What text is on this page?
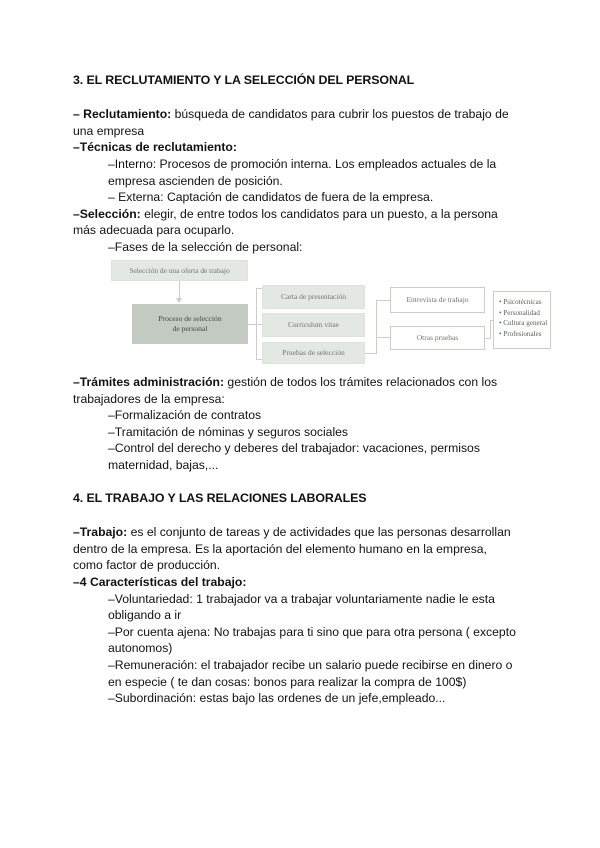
3. EL RECLUTAMIENTO Y LA SELECCIÓN DEL PERSONAL
– Reclutamiento: búsqueda de candidatos para cubrir los puestos de trabajo de
una empresa
–Técnicas de reclutamiento:
–Interno: Procesos de promoción interna. Los empleados actuales de la
empresa ascienden de posición.
– Externa: Captación de candidatos de fuera de la empresa.
–Selección: elegir, de entre todos los candidatos para un puesto, a la persona
más adecuada para ocuparlo.
–Fases de la selección de personal:
Selección de una oferta de trabajo
Proceso de selección
de personal
Carta de presentación
Curriculum vitae
Pruebas de selección
Entrevista de trabajo
Otras pruebas
• Psicotécnicas
• Personalidad
• Cultura general
• Profesionales
–Trámites administración: gestión de todos los trámites relacionados con los
trabajadores de la empresa:
–Formalización de contratos
–Tramitación de nóminas y seguros sociales
–Control del derecho y deberes del trabajador: vacaciones, permisos
maternidad, bajas,...
4. EL TRABAJO Y LAS RELACIONES LABORALES
–Trabajo: es el conjunto de tareas y de actividades que las personas desarrollan
dentro de la empresa. Es la aportación del elemento humano en la empresa,
como factor de producción.
–4 Características del trabajo:
–Voluntariedad: 1 trabajador va a trabajar voluntariamente nadie le esta
obligando a ir
–Por cuenta ajena: No trabajas para ti sino que para otra persona ( excepto
autonomos)
–Remuneración: el trabajador recibe un salario puede recibirse en dinero o
en especie ( te dan cosas: bonos para realizar la compra de 100$)
–Subordinación: estas bajo las ordenes de un jefe,empleado...
